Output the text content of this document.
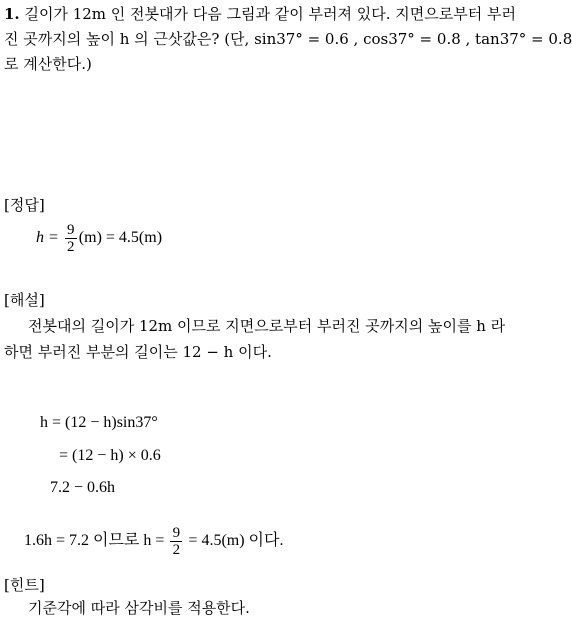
1. 길이가 12m 인 전봇대가 다음 그림과 같이 부러져 있다. 지면으로부터 부러
진 곳까지의 높이 h 의 근삿값은? (단, sin37° = 0.6 , cos37° = 0.8 , tan37° = 0.8
로 계산한다.)
[정답]
$h = \frac{9}{2} (m) = 4.5(m)$
[해설]
전봇대의 길이가 12m 이므로 지면으로부터 부러진 곳까지의 높이를 h 라
하면 부러진 부분의 길이는 12 − h 이다.
h = (12 − h)sin37°
= (12 − h) × 0.6
7.2 − 0.6h
1.6h = 7.2 이므로 $h = \frac{9}{2} = 4.5(m)$ 이다.
[힌트]
기준각에 따라 삼각비를 적용한다.
